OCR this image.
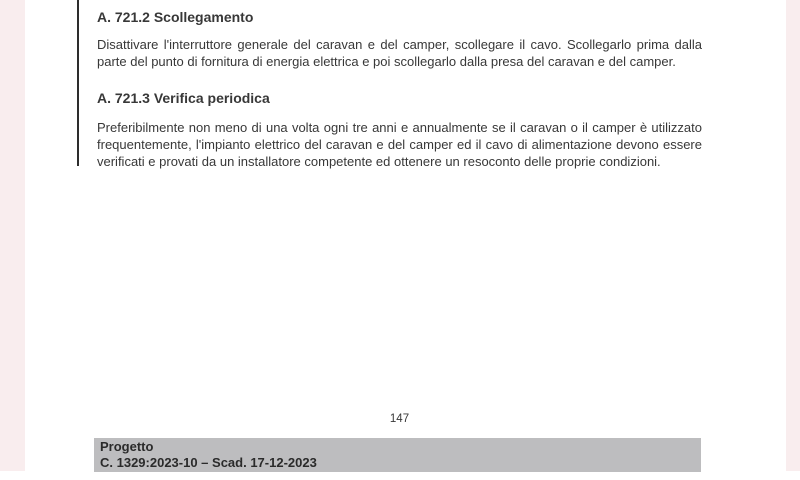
A. 721.2 Scollegamento

Disattivare l'interruttore generale del caravan e del camper, scollegare il cavo. Scollegarlo prima dalla parte del punto di fornitura di energia elettrica e poi scollegarlo dalla presa del caravan e del camper.

A. 721.3 Verifica periodica

Preferibilmente non meno di una volta ogni tre anni e annualmente se il caravan o il camper è utilizzato frequentemente, l'impianto elettrico del caravan e del camper ed il cavo di alimentazione devono essere verificati e provati da un installatore competente ed ottenere un resoconto delle proprie condizioni.

147
Progetto
C. 1329:2023-10 – Scad. 17-12-2023
